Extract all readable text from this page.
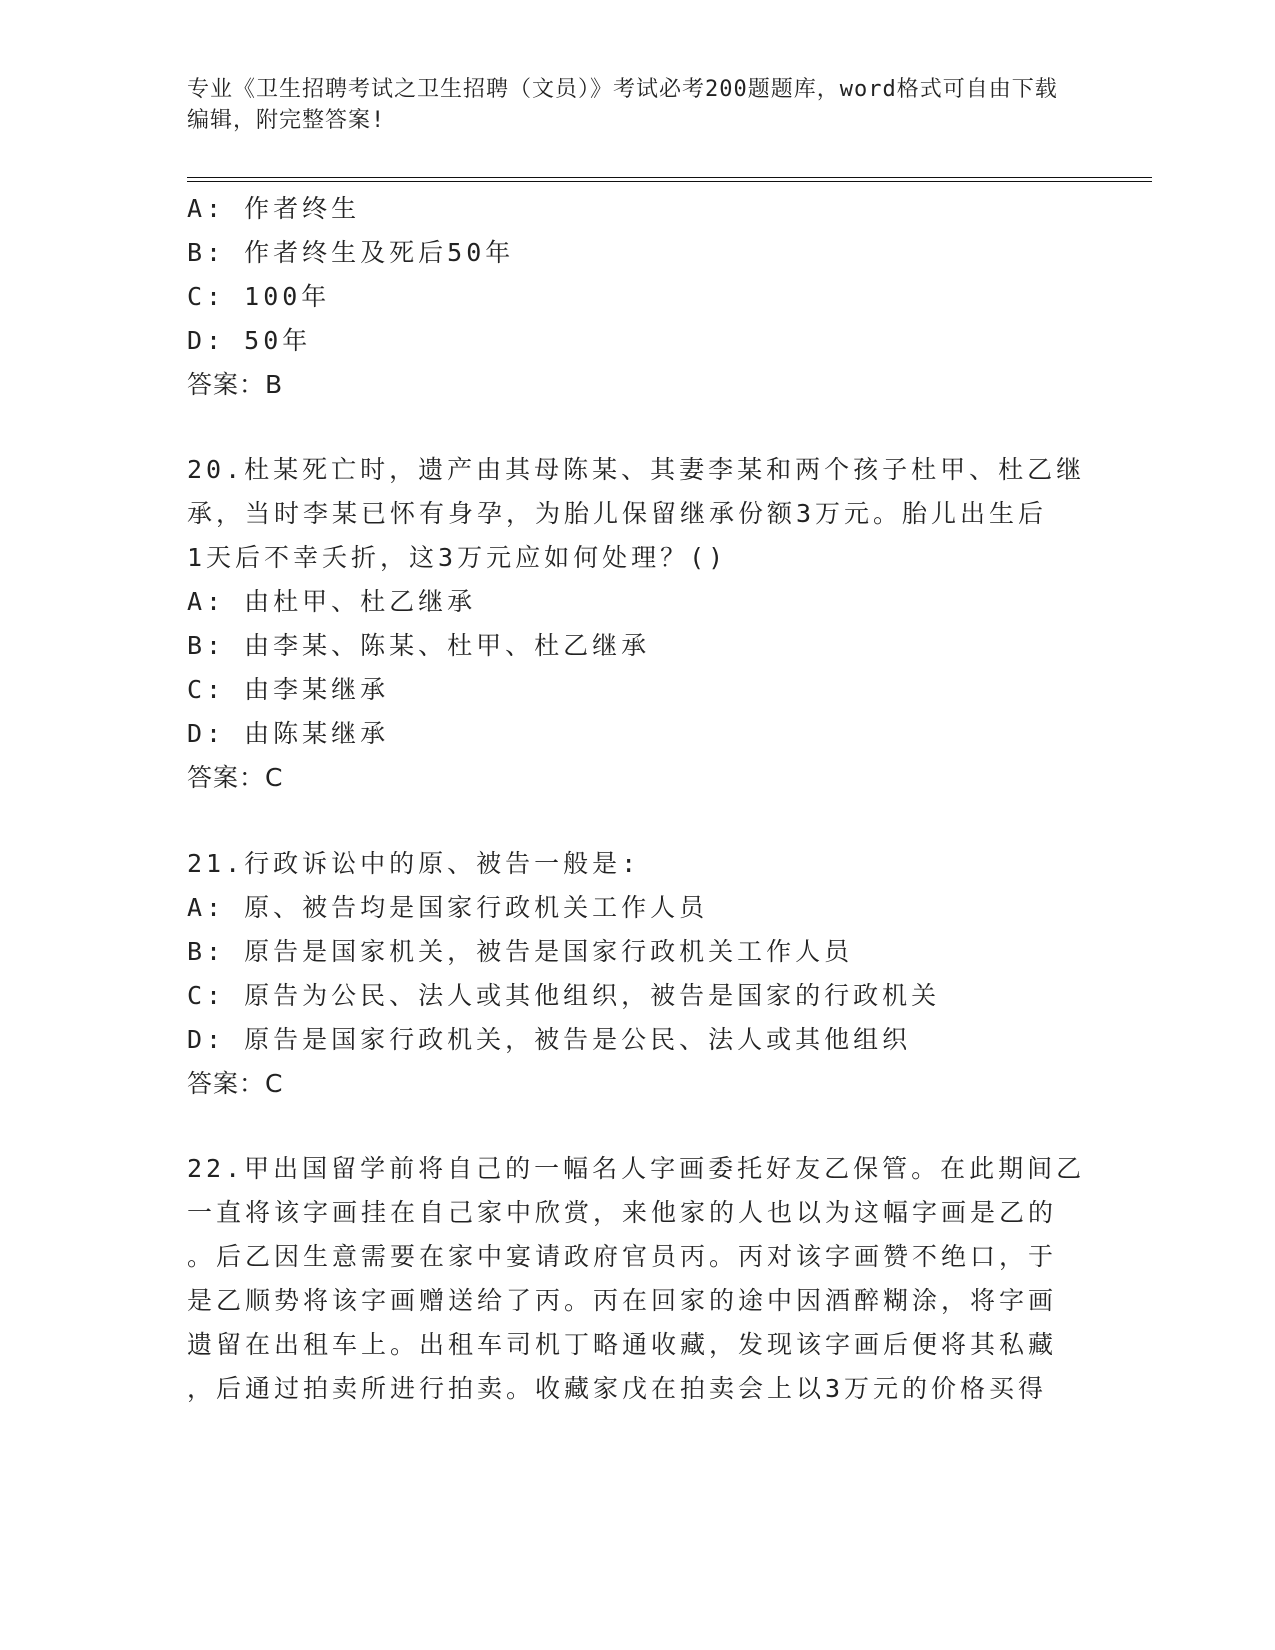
专业《卫生招聘考试之卫生招聘（文员）》考试必考200题题库，word格式可自由下载编辑，附完整答案!
A: 作者终生
B: 作者终生及死后50年
C: 100年
D: 50年
答案：B
20.杜某死亡时，遗产由其母陈某、其妻李某和两个孩子杜甲、杜乙继
承，当时李某已怀有身孕，为胎儿保留继承份额3万元。胎儿出生后
1天后不幸夭折，这3万元应如何处理？()
A: 由杜甲、杜乙继承
B: 由李某、陈某、杜甲、杜乙继承
C: 由李某继承
D: 由陈某继承
答案：C
21.行政诉讼中的原、被告一般是:
A: 原、被告均是国家行政机关工作人员
B: 原告是国家机关，被告是国家行政机关工作人员
C: 原告为公民、法人或其他组织，被告是国家的行政机关
D: 原告是国家行政机关，被告是公民、法人或其他组织
答案：C
22.甲出国留学前将自己的一幅名人字画委托好友乙保管。在此期间乙
一直将该字画挂在自己家中欣赏，来他家的人也以为这幅字画是乙的
。后乙因生意需要在家中宴请政府官员丙。丙对该字画赞不绝口，于
是乙顺势将该字画赠送给了丙。丙在回家的途中因酒醉糊涂，将字画
遗留在出租车上。出租车司机丁略通收藏，发现该字画后便将其私藏
，后通过拍卖所进行拍卖。收藏家戊在拍卖会上以3万元的价格买得
